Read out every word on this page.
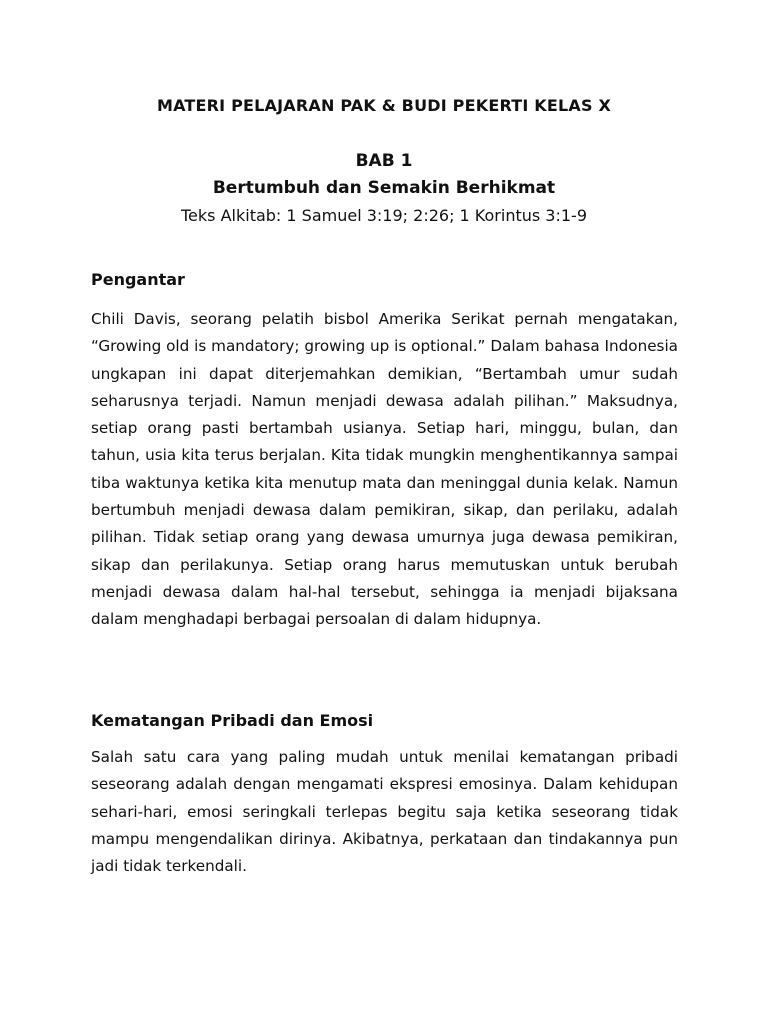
MATERI PELAJARAN PAK & BUDI PEKERTI KELAS X
BAB 1
Bertumbuh dan Semakin Berhikmat

Teks Alkitab: 1 Samuel 3:19; 2:26; 1 Korintus 3:1-9

Pengantar

Chili Davis, seorang pelatih bisbol Amerika Serikat pernah mengatakan, “Growing old is mandatory; growing up is optional.” Dalam bahasa Indonesia ungkapan ini dapat diterjemahkan demikian, “Bertambah umur sudah seharusnya terjadi. Namun menjadi dewasa adalah pilihan.” Maksudnya, setiap orang pasti bertambah usianya. Setiap hari, minggu, bulan, dan tahun, usia kita terus berjalan. Kita tidak mungkin menghentikannya sampai tiba waktunya ketika kita menutup mata dan meninggal dunia kelak. Namun bertumbuh menjadi dewasa dalam pemikiran, sikap, dan perilaku, adalah pilihan. Tidak setiap orang yang dewasa umurnya juga dewasa pemikiran, sikap dan perilakunya. Setiap orang harus memutuskan untuk berubah menjadi dewasa dalam hal-hal tersebut, sehingga ia menjadi bijaksana dalam menghadapi berbagai persoalan di dalam hidupnya.

Kematangan Pribadi dan Emosi

Salah satu cara yang paling mudah untuk menilai kematangan pribadi seseorang adalah dengan mengamati ekspresi emosinya. Dalam kehidupan sehari-hari, emosi seringkali terlepas begitu saja ketika seseorang tidak mampu mengendalikan dirinya. Akibatnya, perkataan dan tindakannya pun jadi tidak terkendali.
